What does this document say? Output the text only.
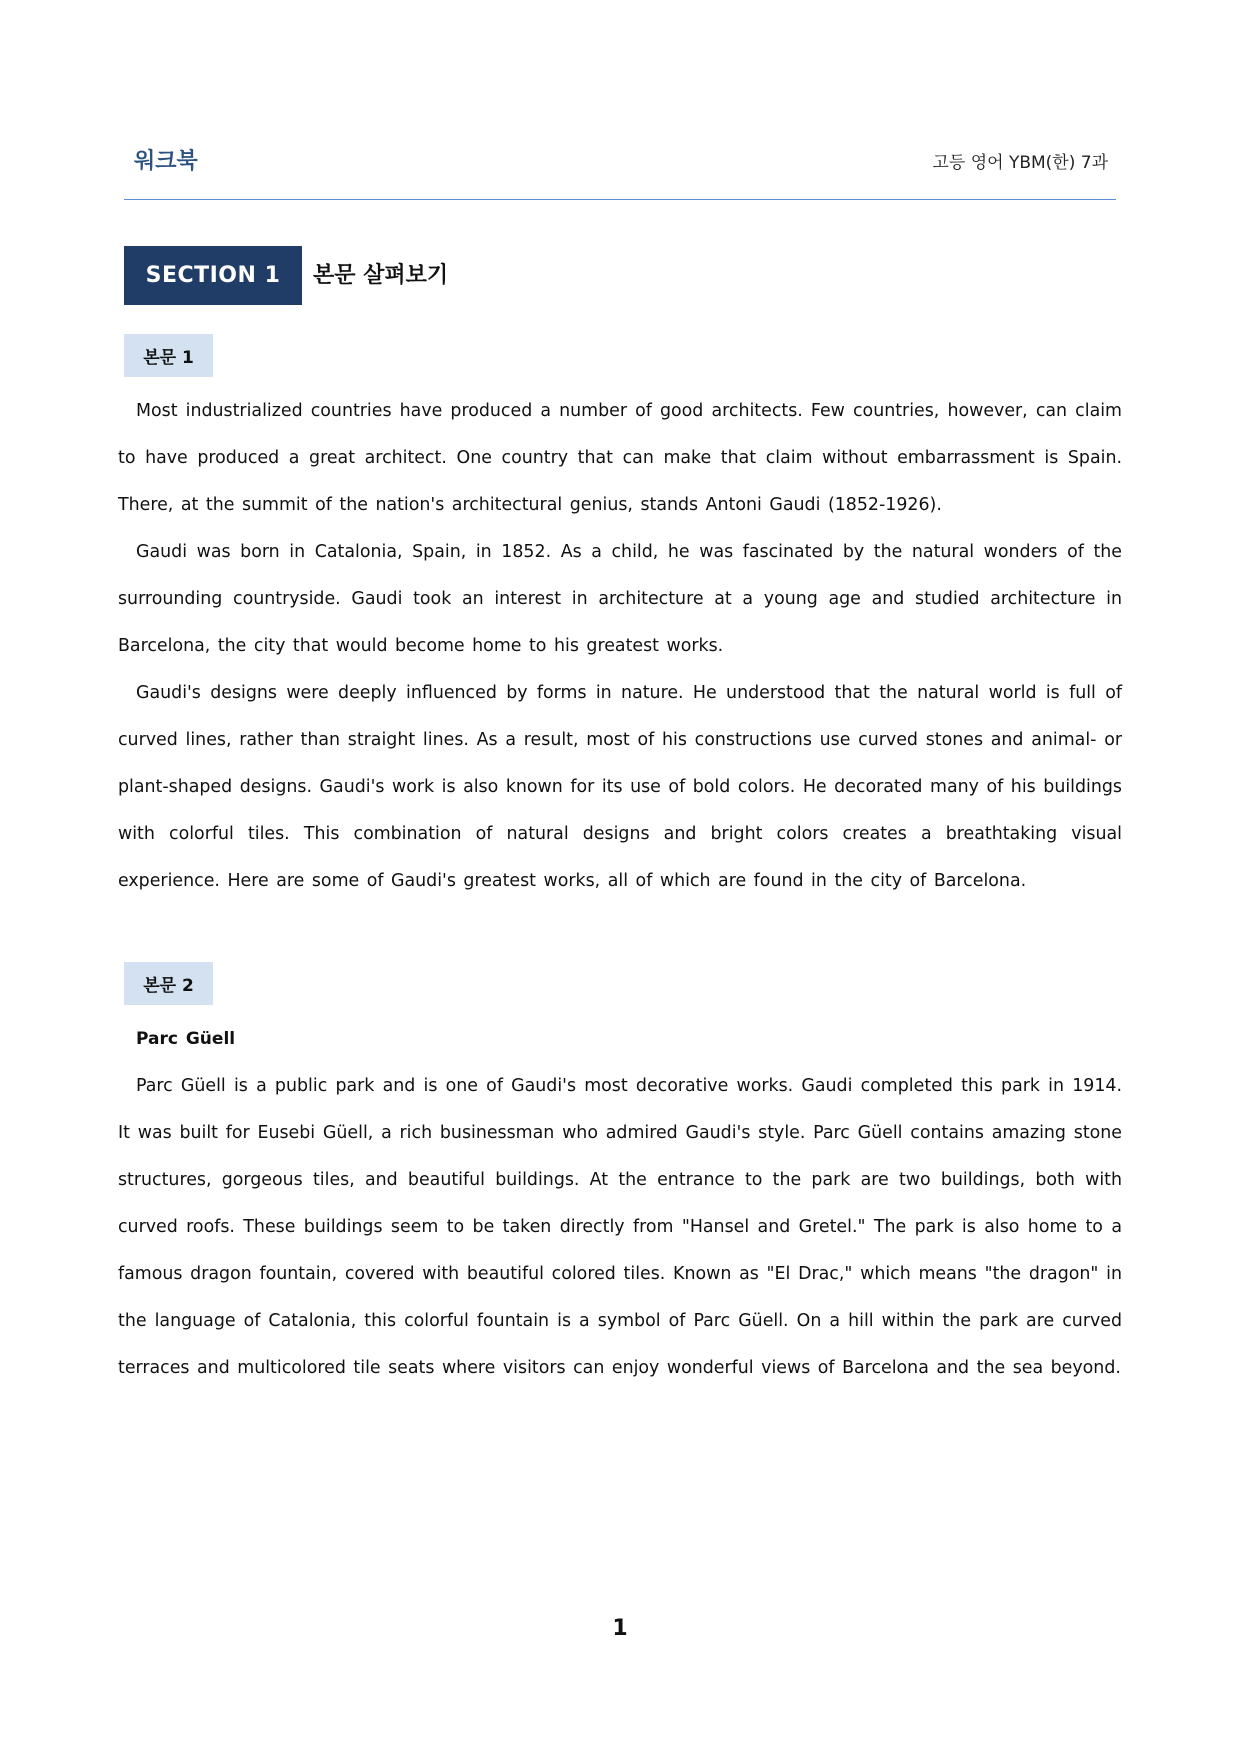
워크북	고등 영어 YBM(한) 7과
SECTION 1	본문 살펴보기
본문 1

Most industrialized countries have produced a number of good architects. Few countries, however, can claim to have produced a great architect. One country that can make that claim without embarrassment is Spain. There, at the summit of the nation's architectural genius, stands Antoni Gaudi (1852-1926).

Gaudi was born in Catalonia, Spain, in 1852. As a child, he was fascinated by the natural wonders of the surrounding countryside. Gaudi took an interest in architecture at a young age and studied architecture in Barcelona, the city that would become home to his greatest works.

Gaudi's designs were deeply influenced by forms in nature. He understood that the natural world is full of curved lines, rather than straight lines. As a result, most of his constructions use curved stones and animal- or plant-shaped designs. Gaudi's work is also known for its use of bold colors. He decorated many of his buildings with colorful tiles. This combination of natural designs and bright colors creates a breathtaking visual experience. Here are some of Gaudi's greatest works, all of which are found in the city of Barcelona.

본문 2
Parc Güell

Parc Güell is a public park and is one of Gaudi's most decorative works. Gaudi completed this park in 1914. It was built for Eusebi Güell, a rich businessman who admired Gaudi's style. Parc Güell contains amazing stone structures, gorgeous tiles, and beautiful buildings. At the entrance to the park are two buildings, both with curved roofs. These buildings seem to be taken directly from "Hansel and Gretel." The park is also home to a famous dragon fountain, covered with beautiful colored tiles. Known as "El Drac," which means "the dragon" in the language of Catalonia, this colorful fountain is a symbol of Parc Güell. On a hill within the park are curved terraces and multicolored tile seats where visitors can enjoy wonderful views of Barcelona and the sea beyond.

1
